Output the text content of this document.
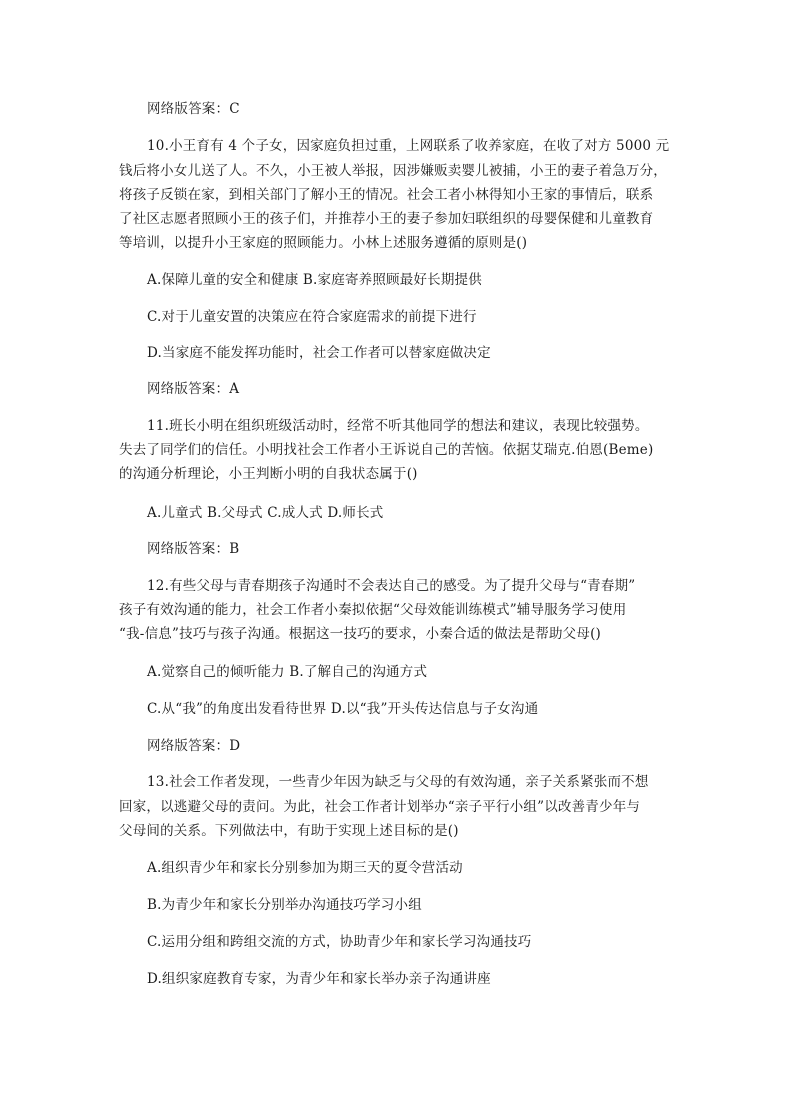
网络版答案：C
10.小王育有 4 个子女，因家庭负担过重，上网联系了收养家庭，在收了对方 5000 元
钱后将小女儿送了人。不久，小王被人举报，因涉嫌贩卖婴儿被捕，小王的妻子着急万分，
将孩子反锁在家，到相关部门了解小王的情况。社会工者小林得知小王家的事情后，联系
了社区志愿者照顾小王的孩子们，并推荐小王的妻子参加妇联组织的母婴保健和儿童教育
等培训，以提升小王家庭的照顾能力。小林上述服务遵循的原则是()
A.保障儿童的安全和健康 B.家庭寄养照顾最好长期提供
C.对于儿童安置的决策应在符合家庭需求的前提下进行
D.当家庭不能发挥功能时，社会工作者可以替家庭做决定
网络版答案：A
11.班长小明在组织班级活动时，经常不听其他同学的想法和建议，表现比较强势。
失去了同学们的信任。小明找社会工作者小王诉说自己的苦恼。依据艾瑞克.伯恩(Beme)
的沟通分析理论，小王判断小明的自我状态属于()
A.儿童式 B.父母式 C.成人式 D.师长式
网络版答案：B
12.有些父母与青春期孩子沟通时不会表达自己的感受。为了提升父母与“青春期”
孩子有效沟通的能力，社会工作者小秦拟依据“父母效能训练模式”辅导服务学习使用
“我-信息”技巧与孩子沟通。根据这一技巧的要求，小秦合适的做法是帮助父母()
A.觉察自己的倾听能力 B.了解自己的沟通方式
C.从“我”的角度出发看待世界 D.以“我”开头传达信息与子女沟通
网络版答案：D
13.社会工作者发现，一些青少年因为缺乏与父母的有效沟通，亲子关系紧张而不想
回家，以逃避父母的责问。为此，社会工作者计划举办“亲子平行小组”以改善青少年与
父母间的关系。下列做法中，有助于实现上述目标的是()
A.组织青少年和家长分别参加为期三天的夏令营活动
B.为青少年和家长分别举办沟通技巧学习小组
C.运用分组和跨组交流的方式，协助青少年和家长学习沟通技巧
D.组织家庭教育专家，为青少年和家长举办亲子沟通讲座
